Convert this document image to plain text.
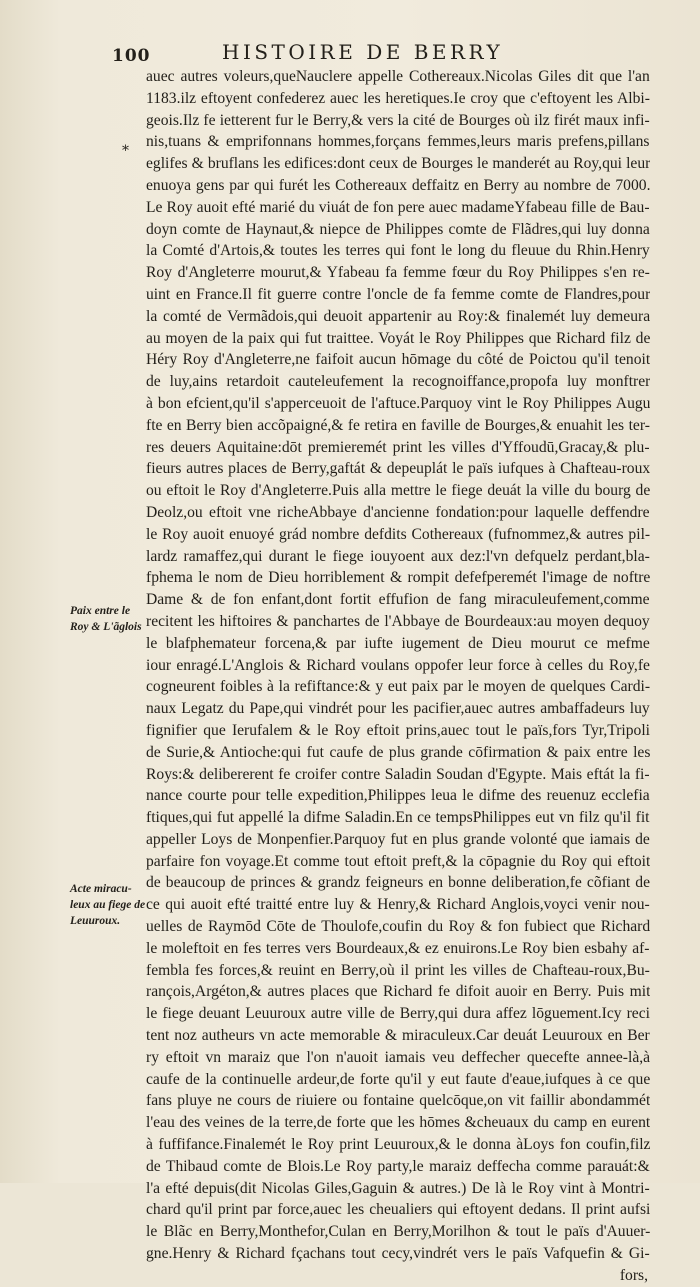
100	HISTOIRE DE BERRY
*
auec autres voleurs,queNauclere appelle Cothereaux.Nicolas Giles dit que l'an
1183.ilz eftoyent confederez auec les heretiques.Ie croy que c'eftoyent les Albi-
geois.Ilz fe ietterent fur le Berry,& vers la cité de Bourges où ilz firét maux infi-
nis,tuans & emprifonnans hommes,forçans femmes,leurs maris prefens,pillans
eglifes & bruflans les edifices:dont ceux de Bourges le manderét au Roy,qui leur
enuoya gens par qui furét les Cothereaux deffaitz en Berry au nombre de 7000.
Le Roy auoit efté marié du viuát de fon pere auec madameYfabeau fille de Bau-
doyn comte de Haynaut,& niepce de Philippes comte de Flãdres,qui luy donna
la Comté d'Artois,& toutes les terres qui font le long du fleuue du Rhin.Henry
Roy d'Angleterre mourut,& Yfabeau fa femme fœur du Roy Philippes s'en re-
uint en France.Il fit guerre contre l'oncle de fa femme comte de Flandres,pour
la comté de Vermãdois,qui deuoit appartenir au Roy:& finalemét luy demeura
au moyen de la paix qui fut traittee. Voyát le Roy Philippes que Richard filz de
Héry Roy d'Angleterre,ne faifoit aucun hōmage du côté de Poictou qu'il tenoit
de luy,ains retardoit cauteleufement la recognoiffance,propofa luy monftrer
à bon efcient,qu'il s'apperceuoit de l'aftuce.Parquoy vint le Roy Philippes Augu
fte en Berry bien accõpaigné,& fe retira en faville de Bourges,& enuahit les ter-
res deuers Aquitaine:dōt premieremét print les villes d'Yffoudū,Gracay,& plu-
fieurs autres places de Berry,gaftát & depeuplát le païs iufques à Chafteau-roux
ou eftoit le Roy d'Angleterre.Puis alla mettre le fiege deuát la ville du bourg de
Deolz,ou eftoit vne richeAbbaye d'ancienne fondation:pour laquelle deffendre
le Roy auoit enuoyé grád nombre defdits Cothereaux (fufnommez,& autres pil-
lardz ramaffez,qui durant le fiege iouyoent aux dez:l'vn defquelz perdant,bla-
fphema le nom de Dieu horriblement & rompit defefperemét l'image de noftre
Dame & de fon enfant,dont fortit effufion de fang miraculeufement,comme
recitent les hiftoires & panchartes de l'Abbaye de Bourdeaux:au moyen dequoy
le blafphemateur forcena,& par iufte iugement de Dieu mourut ce mefme
iour enragé.L'Anglois & Richard voulans oppofer leur force à celles du Roy,fe
cogneurent foibles à la refiftance:& y eut paix par le moyen de quelques Cardi-
naux Legatz du Pape,qui vindrét pour les pacifier,auec autres ambaffadeurs luy
fignifier que Ierufalem & le Roy eftoit prins,auec tout le païs,fors Tyr,Tripoli
de Surie,& Antioche:qui fut caufe de plus grande cōfirmation & paix entre les
Roys:& delibererent fe croifer contre Saladin Soudan d'Egypte. Mais eftát la fi-
nance courte pour telle expedition,Philippes leua le difme des reuenuz ecclefia
ftiques,qui fut appellé la difme Saladin.En ce tempsPhilippes eut vn filz qu'il fit
appeller Loys de Monpenfier.Parquoy fut en plus grande volonté que iamais de
parfaire fon voyage.Et comme tout eftoit preft,& la cōpagnie du Roy qui eftoit
de beaucoup de princes & grandz feigneurs en bonne deliberation,fe cõfiant de
ce qui auoit efté traitté entre luy & Henry,& Richard Anglois,voyci venir nou-
uelles de Raymōd Cōte de Thoulofe,coufin du Roy & fon fubiect que Richard
le moleftoit en fes terres vers Bourdeaux,& ez enuirons.Le Roy bien esbahy af-
fembla fes forces,& reuint en Berry,où il print les villes de Chafteau-roux,Bu-
rançois,Argéton,& autres places que Richard fe difoit auoir en Berry. Puis mit
le fiege deuant Leuuroux autre ville de Berry,qui dura affez lōguement.Icy reci
tent noz autheurs vn acte memorable & miraculeux.Car deuát Leuuroux en Ber
ry eftoit vn maraiz que l'on n'auoit iamais veu deffecher quecefte annee-là,à
caufe de la continuelle ardeur,de forte qu'il y eut faute d'eaue,iufques à ce que
fans pluye ne cours de riuiere ou fontaine quelcōque,on vit faillir abondammét
l'eau des veines de la terre,de forte que les hōmes &cheuaux du camp en eurent
à fuffifance.Finalemét le Roy print Leuuroux,& le donna àLoys fon coufin,filz
de Thibaud comte de Blois.Le Roy party,le maraiz deffecha comme parauát:&
l'a efté depuis(dit Nicolas Giles,Gaguin & autres.) De là le Roy vint à Montri-
chard qu'il print par force,auec les cheualiers qui eftoyent dedans. Il print aufsi
le Blãc en Berry,Monthefor,Culan en Berry,Morilhon & tout le païs d'Auuer-
gne.Henry & Richard fçachans tout cecy,vindrét vers le païs Vafquefin & Gi-
fors,
Paix entre le
Roy & L'ãglois
Acte miracu-
leux au fiege de
Leuuroux.
